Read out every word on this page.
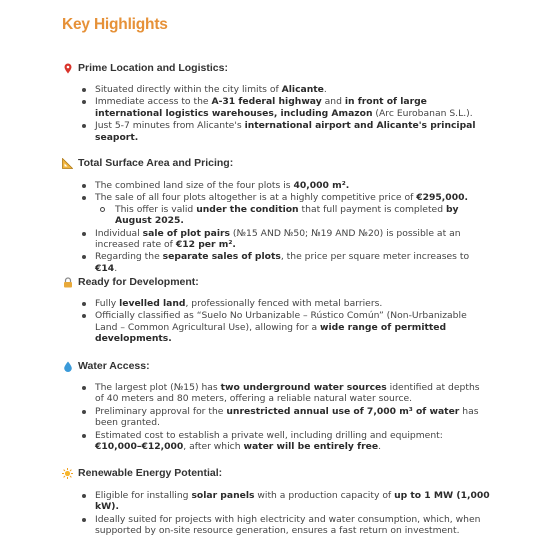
Key Highlights
Prime Location and Logistics:
Situated directly within the city limits of Alicante.
Immediate access to the A-31 federal highway and in front of large international logistics warehouses, including Amazon (Arc Eurobanan S.L.).
Just 5-7 minutes from Alicante's international airport and Alicante's principal seaport.
Total Surface Area and Pricing:
The combined land size of the four plots is 40,000 m².
The sale of all four plots altogether is at a highly competitive price of €295,000.
This offer is valid under the condition that full payment is completed by August 2025.
Individual sale of plot pairs (№15 AND №50; №19 AND №20) is possible at an increased rate of €12 per m².
Regarding the separate sales of plots, the price per square meter increases to €14.
Ready for Development:
Fully levelled land, professionally fenced with metal barriers.
Officially classified as “Suelo No Urbanizable – Rústico Común” (Non-Urbanizable Land – Common Agricultural Use), allowing for a wide range of permitted developments.
Water Access:
The largest plot (№15) has two underground water sources identified at depths of 40 meters and 80 meters, offering a reliable natural water source.
Preliminary approval for the unrestricted annual use of 7,000 m³ of water has been granted.
Estimated cost to establish a private well, including drilling and equipment: €10,000–€12,000, after which water will be entirely free.
Renewable Energy Potential:
Eligible for installing solar panels with a production capacity of up to 1 MW (1,000 kW).
Ideally suited for projects with high electricity and water consumption, which, when supported by on-site resource generation, ensures a fast return on investment.
